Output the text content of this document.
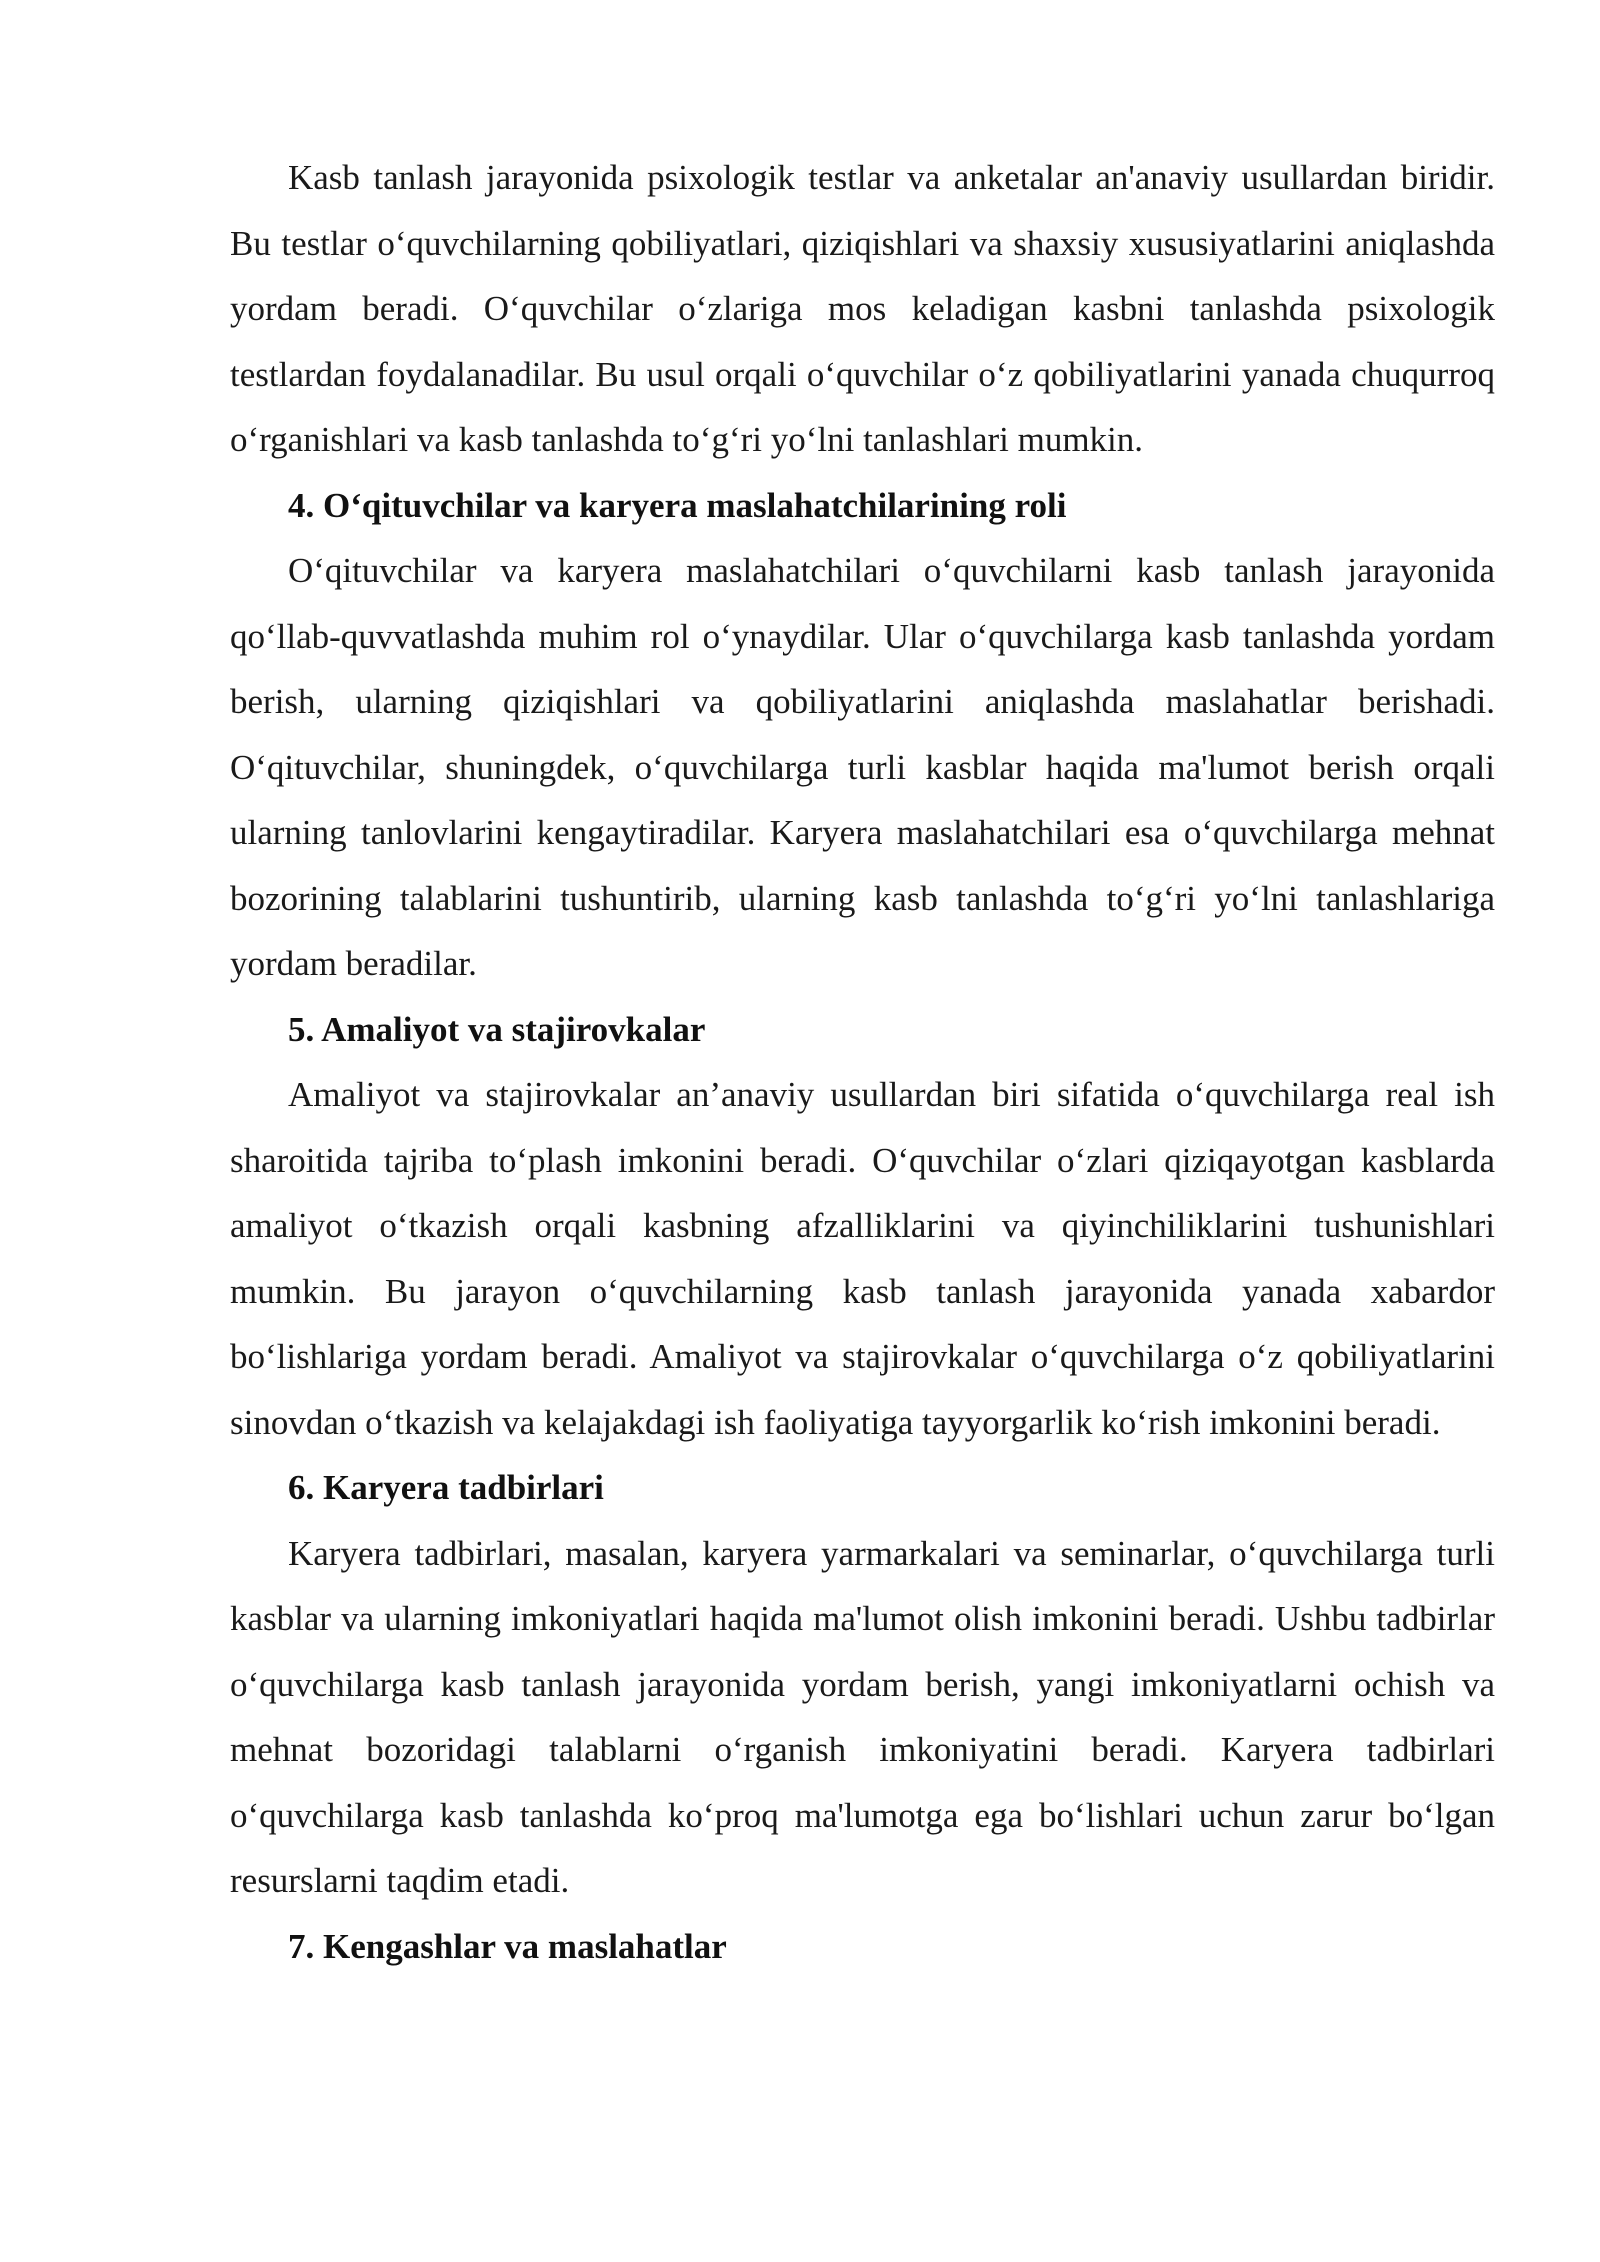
Kasb tanlash jarayonida psixologik testlar va anketalar an'anaviy usullardan biridir. Bu testlar o‘quvchilarning qobiliyatlari, qiziqishlari va shaxsiy xususiyatlarini aniqlashda yordam beradi. O‘quvchilar o‘zlariga mos keladigan kasbni tanlashda psixologik testlardan foydalanadilar. Bu usul orqali o‘quvchilar o‘z qobiliyatlarini yanada chuqurroq o‘rganishlari va kasb tanlashda to‘g‘ri yo‘lni tanlashlari mumkin.

4. O‘qituvchilar va karyera maslahatchilarining roli

O‘qituvchilar va karyera maslahatchilari o‘quvchilarni kasb tanlash jarayonida qo‘llab-quvvatlashda muhim rol o‘ynaydilar. Ular o‘quvchilarga kasb tanlashda yordam berish, ularning qiziqishlari va qobiliyatlarini aniqlashda maslahatlar berishadi. O‘qituvchilar, shuningdek, o‘quvchilarga turli kasblar haqida ma'lumot berish orqali ularning tanlovlarini kengaytiradilar. Karyera maslahatchilari esa o‘quvchilarga mehnat bozorining talablarini tushuntirib, ularning kasb tanlashda to‘g‘ri yo‘lni tanlashlariga yordam beradilar.

5. Amaliyot va stajirovkalar

Amaliyot va stajirovkalar an’anaviy usullardan biri sifatida o‘quvchilarga real ish sharoitida tajriba to‘plash imkonini beradi. O‘quvchilar o‘zlari qiziqayotgan kasblarda amaliyot o‘tkazish orqali kasbning afzalliklarini va qiyinchiliklarini tushunishlari mumkin. Bu jarayon o‘quvchilarning kasb tanlash jarayonida yanada xabardor bo‘lishlariga yordam beradi. Amaliyot va stajirovkalar o‘quvchilarga o‘z qobiliyatlarini sinovdan o‘tkazish va kelajakdagi ish faoliyatiga tayyorgarlik ko‘rish imkonini beradi.

6. Karyera tadbirlari

Karyera tadbirlari, masalan, karyera yarmarkalari va seminarlar, o‘quvchilarga turli kasblar va ularning imkoniyatlari haqida ma'lumot olish imkonini beradi. Ushbu tadbirlar o‘quvchilarga kasb tanlash jarayonida yordam berish, yangi imkoniyatlarni ochish va mehnat bozoridagi talablarni o‘rganish imkoniyatini beradi. Karyera tadbirlari o‘quvchilarga kasb tanlashda ko‘proq ma'lumotga ega bo‘lishlari uchun zarur bo‘lgan resurslarni taqdim etadi.

7. Kengashlar va maslahatlar
